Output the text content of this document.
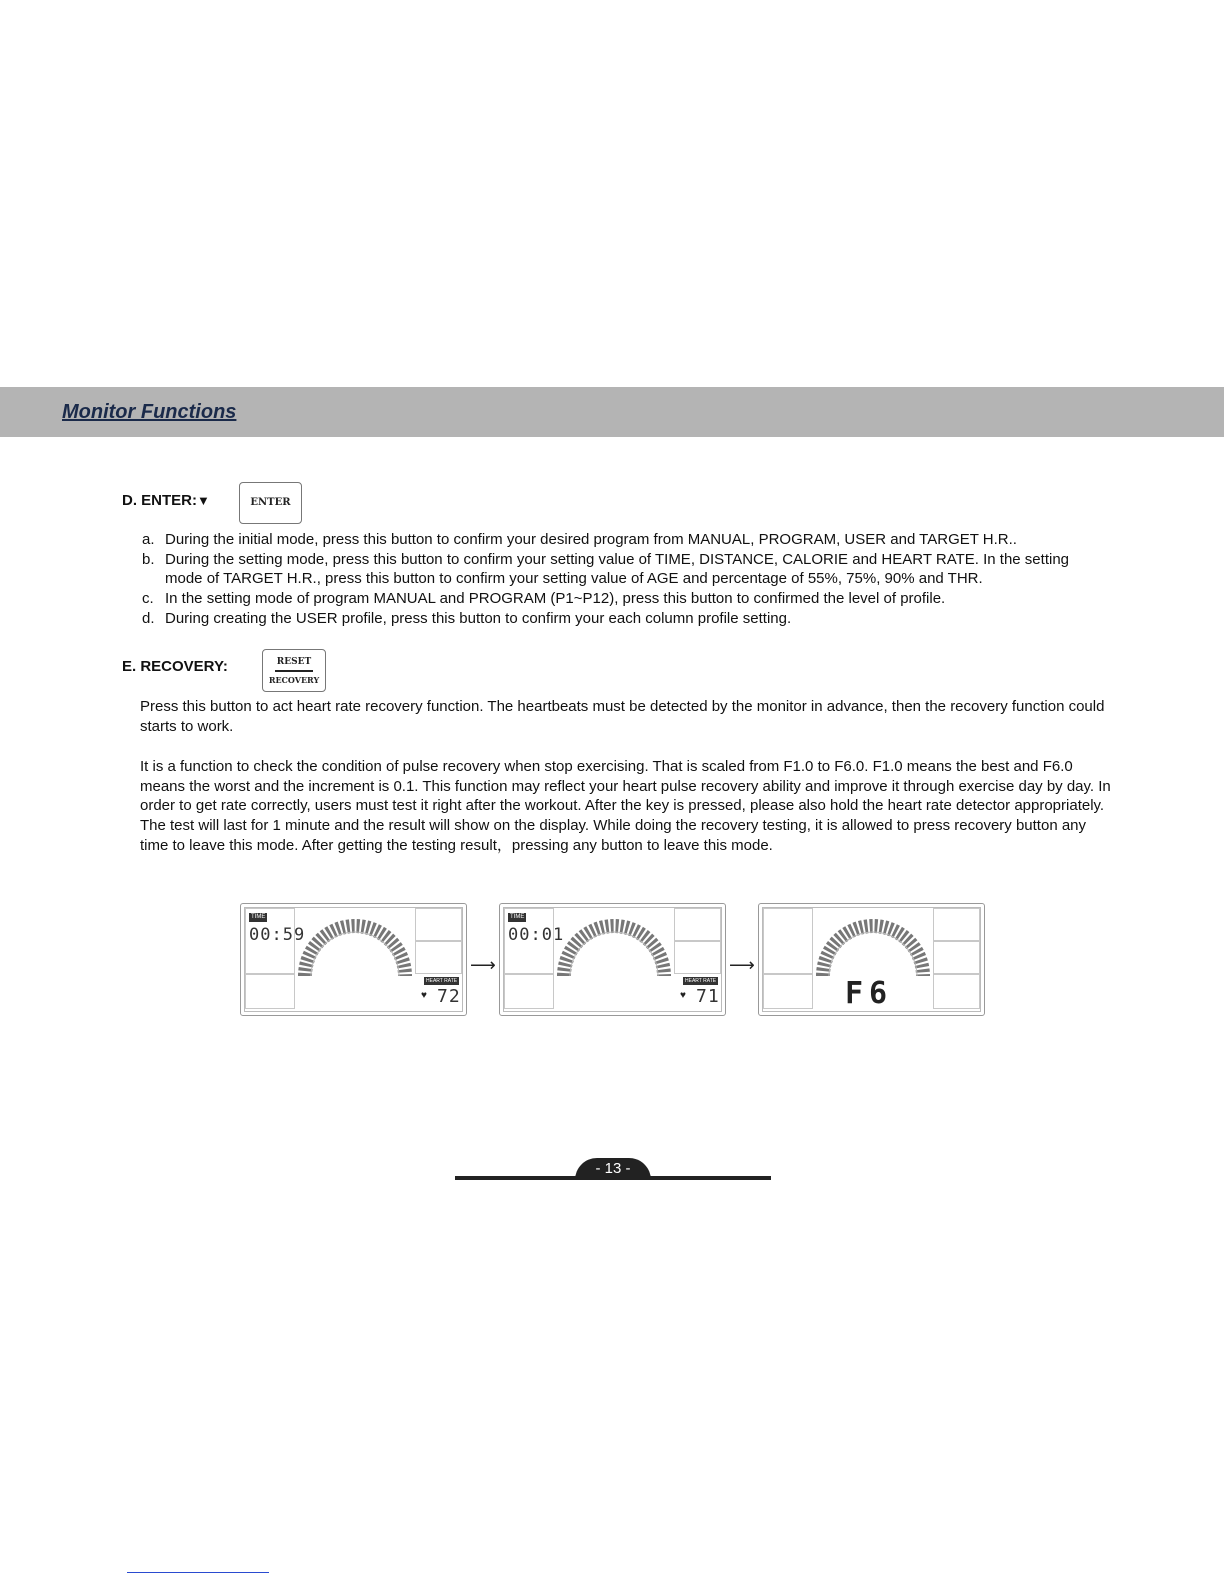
Monitor Functions
D. ENTER:▼	ENTER
a. During the initial mode, press this button to confirm your desired program from MANUAL, PROGRAM, USER and TARGET H.R..
b. During the setting mode, press this button to confirm your setting value of TIME, DISTANCE, CALORIE and HEART RATE. In the setting mode of TARGET H.R., press this button to confirm your setting value of AGE and percentage of 55%, 75%, 90% and THR.
c. In the setting mode of program MANUAL and PROGRAM (P1~P12), press this button to confirmed the level of profile.
d. During creating the USER profile, press this button to confirm your each column profile setting.
E. RECOVERY:	RESET
RECOVERY

Press this button to act heart rate recovery function. The heartbeats must be detected by the monitor in advance, then the recovery function could starts to work.

It is a function to check the condition of pulse recovery when stop exercising. That is scaled from F1.0 to F6.0. F1.0 means the best and F6.0 means the worst and the increment is 0.1. This function may reflect your heart pulse recovery ability and improve it through exercise day by day. In order to get rate correctly, users must test it right after the workout. After the key is pressed, please also hold the heart rate detector appropriately. The test will last for 1 minute and the result will show on the display. While doing the recovery testing, it is allowed to press recovery button any time to leave this mode. After getting the testing result，pressing any button to leave this mode.

TIME
00:59
HEART RATE
♥ 72
⟶
TIME
00:01
HEART RATE
♥ 71
⟶
F6
- 13 -
